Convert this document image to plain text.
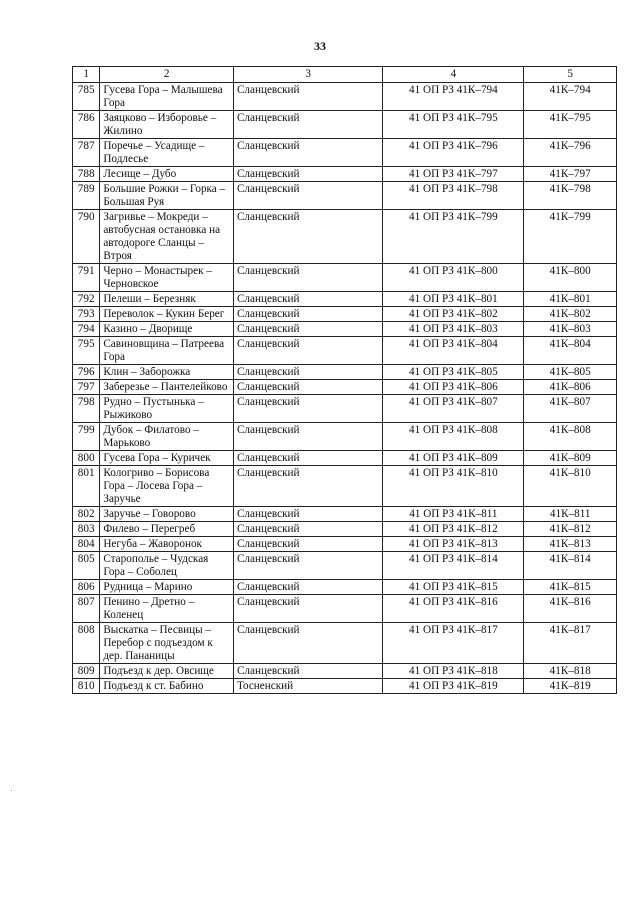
33
1	2	3	4	5
785	Гусева Гора – Малышева Гора	Сланцевский	41 ОП РЗ 41К–794	41К–794
786	Заяцково – Изборовье – Жилино	Сланцевский	41 ОП РЗ 41К–795	41К–795
787	Поречье – Усадище – Подлесье	Сланцевский	41 ОП РЗ 41К–796	41К–796
788	Лесище – Дубо	Сланцевский	41 ОП РЗ 41К–797	41К–797
789	Большие Рожки – Горка – Большая Руя	Сланцевский	41 ОП РЗ 41К–798	41К–798
790	Загривье – Мокреди – автобусная остановка на автодороге Сланцы – Втроя	Сланцевский	41 ОП РЗ 41К–799	41К–799
791	Черно – Монастырек – Черновское	Сланцевский	41 ОП РЗ 41К–800	41К–800
792	Пелеши – Березняк	Сланцевский	41 ОП РЗ 41К–801	41К–801
793	Переволок – Кукин Берег	Сланцевский	41 ОП РЗ 41К–802	41К–802
794	Казино – Дворище	Сланцевский	41 ОП РЗ 41К–803	41К–803
795	Савиновщина – Патреева Гора	Сланцевский	41 ОП РЗ 41К–804	41К–804
796	Клин – Заборожка	Сланцевский	41 ОП РЗ 41К–805	41К–805
797	Заберезье – Пантелейково	Сланцевский	41 ОП РЗ 41К–806	41К–806
798	Рудно – Пустынька – Рыжиково	Сланцевский	41 ОП РЗ 41К–807	41К–807
799	Дубок – Филатово – Марьково	Сланцевский	41 ОП РЗ 41К–808	41К–808
800	Гусева Гора – Куричек	Сланцевский	41 ОП РЗ 41К–809	41К–809
801	Кологриво – Борисова Гора – Лосева Гора – Заручье	Сланцевский	41 ОП РЗ 41К–810	41К–810
802	Заручье – Говорово	Сланцевский	41 ОП РЗ 41К–811	41К–811
803	Филево – Перегреб	Сланцевский	41 ОП РЗ 41К–812	41К–812
804	Негуба – Жаворонок	Сланцевский	41 ОП РЗ 41К–813	41К–813
805	Старополье – Чудская Гора – Соболец	Сланцевский	41 ОП РЗ 41К–814	41К–814
806	Рудница – Марино	Сланцевский	41 ОП РЗ 41К–815	41К–815
807	Пенино – Дретно – Коленец	Сланцевский	41 ОП РЗ 41К–816	41К–816
808	Выскатка – Песвицы – Перебор с подъездом к дер. Пананицы	Сланцевский	41 ОП РЗ 41К–817	41К–817
809	Подъезд к дер. Овсище	Сланцевский	41 ОП РЗ 41К–818	41К–818
810	Подъезд к ст. Бабино	Тосненский	41 ОП РЗ 41К–819	41К–819
